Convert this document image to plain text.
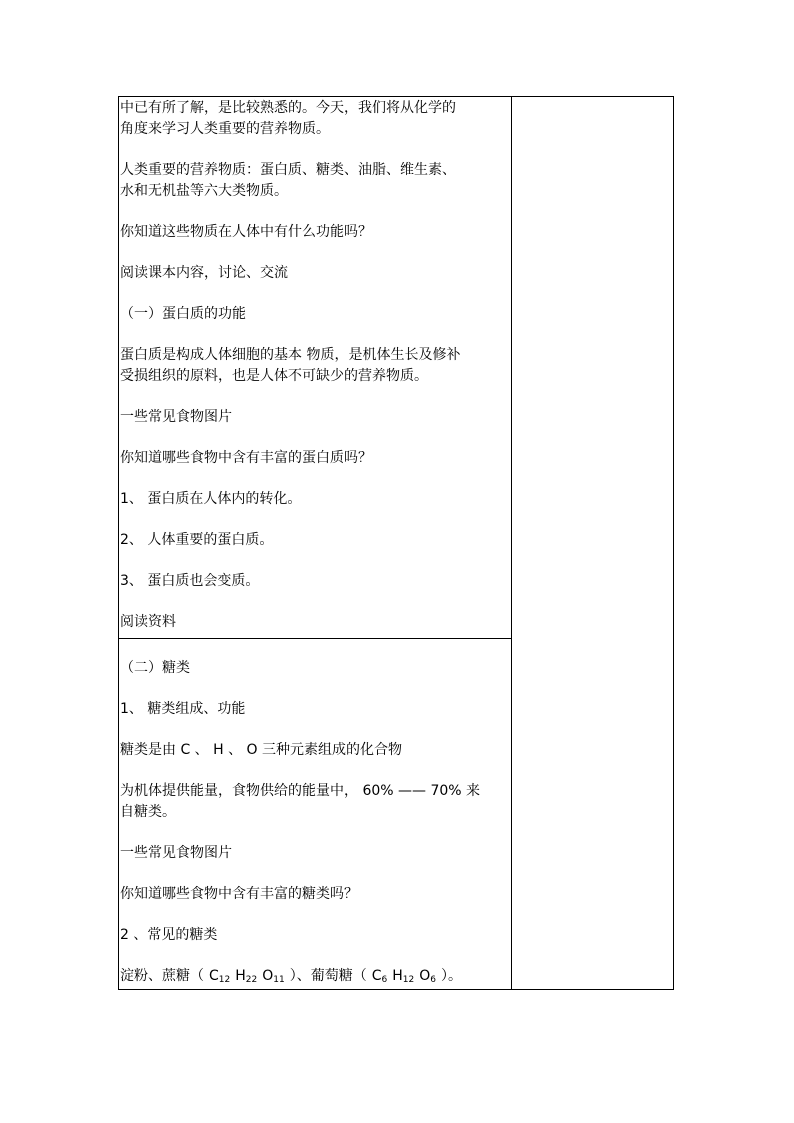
中已有所了解，是比较熟悉的。今天，我们将从化学的
角度来学习人类重要的营养物质。

人类重要的营养物质：蛋白质、糖类、油脂、维生素、
水和无机盐等六大类物质。

你知道这些物质在人体中有什么功能吗？

阅读课本内容，讨论、交流

（一）蛋白质的功能

蛋白质是构成人体细胞的基本 物质，是机体生长及修补
受损组织的原料，也是人体不可缺少的营养物质。

一些常见食物图片

你知道哪些食物中含有丰富的蛋白质吗？

1、 蛋白质在人体内的转化。

2、 人体重要的蛋白质。

3、 蛋白质也会变质。

阅读资料

（二）糖类

1、 糖类组成、功能

糖类是由 C 、 H 、 O 三种元素组成的化合物

为机体提供能量，食物供给的能量中， 60% —— 70% 来
自糖类。

一些常见食物图片

你知道哪些食物中含有丰富的糖类吗？

2 、常见的糖类

淀粉、蔗糖（ $C_{12}$ $H_{22}$ $O_{11}$ ）、葡萄糖（ $C_6$ $H_{12}$ $O_6$ ）。
